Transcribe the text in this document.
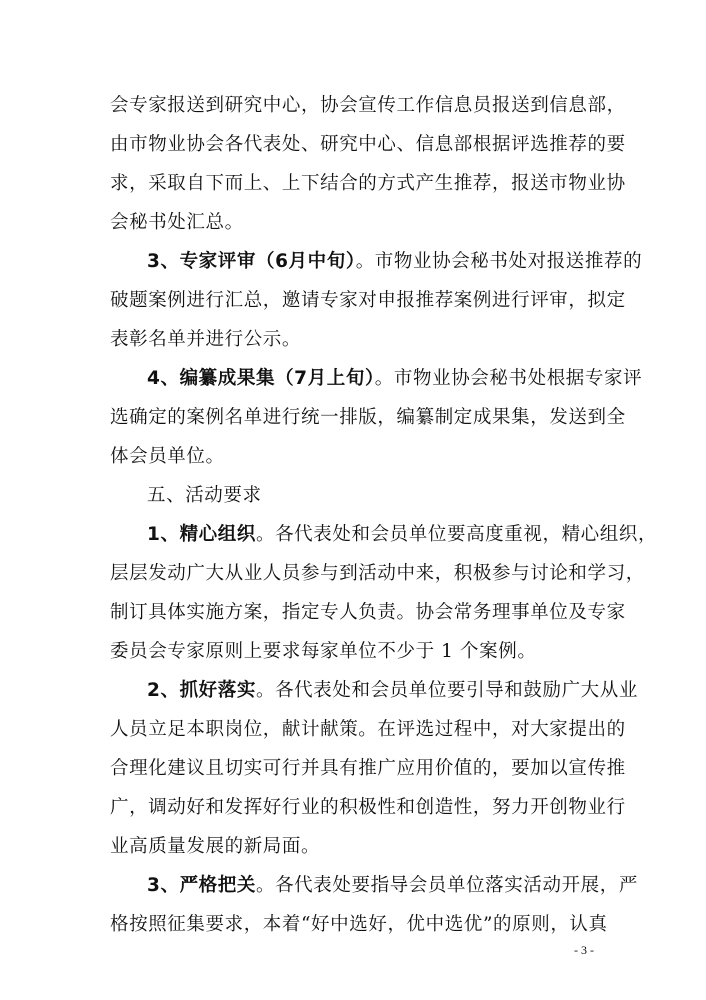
会专家报送到研究中心，协会宣传工作信息员报送到信息部，
由市物业协会各代表处、研究中心、信息部根据评选推荐的要
求，采取自下而上、上下结合的方式产生推荐，报送市物业协
会秘书处汇总。
3、专家评审（6月中旬）。市物业协会秘书处对报送推荐的
破题案例进行汇总，邀请专家对申报推荐案例进行评审，拟定
表彰名单并进行公示。
4、编纂成果集（7月上旬）。市物业协会秘书处根据专家评
选确定的案例名单进行统一排版，编纂制定成果集，发送到全
体会员单位。
五、活动要求
1、精心组织。各代表处和会员单位要高度重视，精心组织，
层层发动广大从业人员参与到活动中来，积极参与讨论和学习，
制订具体实施方案，指定专人负责。协会常务理事单位及专家
委员会专家原则上要求每家单位不少于 1 个案例。
2、抓好落实。各代表处和会员单位要引导和鼓励广大从业
人员立足本职岗位，献计献策。在评选过程中，对大家提出的
合理化建议且切实可行并具有推广应用价值的，要加以宣传推
广，调动好和发挥好行业的积极性和创造性，努力开创物业行
业高质量发展的新局面。
3、严格把关。各代表处要指导会员单位落实活动开展，严
格按照征集要求，本着“好中选好，优中选优”的原则，认真
- 3 -
